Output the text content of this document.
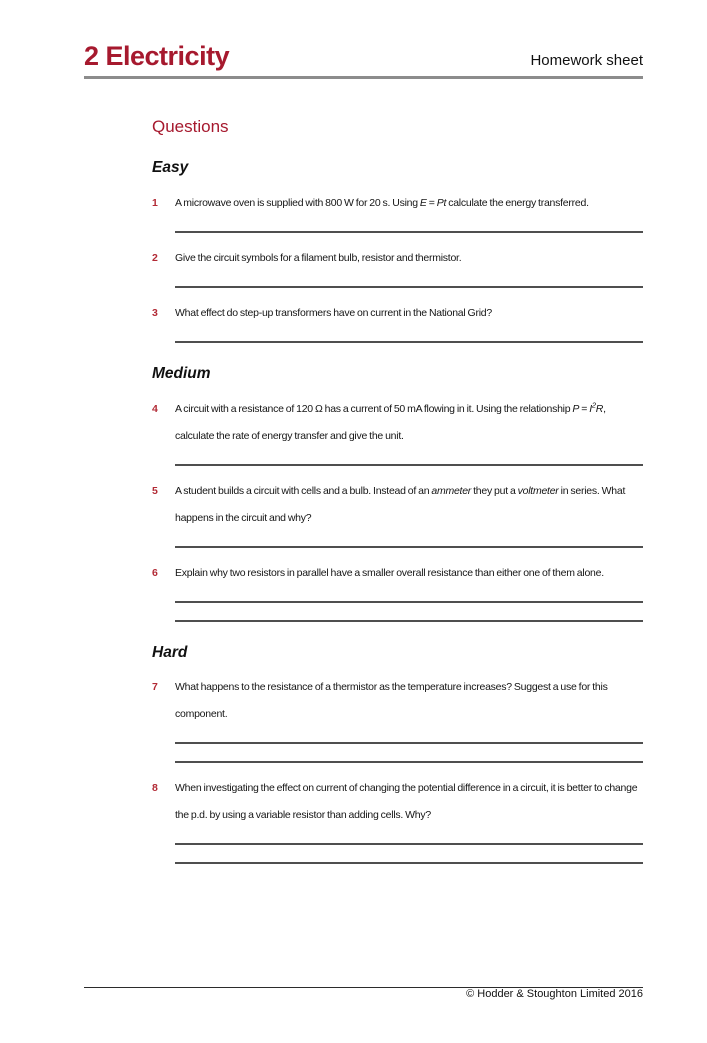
2 Electricity	Homework sheet
Questions
Easy
1	A microwave oven is supplied with 800 W for 20 s. Using E = Pt calculate the energy transferred.
2	Give the circuit symbols for a filament bulb, resistor and thermistor.
3	What effect do step-up transformers have on current in the National Grid?
Medium
4	A circuit with a resistance of 120 Ω has a current of 50 mA flowing in it. Using the relationship $P = I^2R$, calculate the rate of energy transfer and give the unit.
5	A student builds a circuit with cells and a bulb. Instead of an ammeter they put a voltmeter in series. What happens in the circuit and why?
6	Explain why two resistors in parallel have a smaller overall resistance than either one of them alone.
Hard
7	What happens to the resistance of a thermistor as the temperature increases? Suggest a use for this component.
8	When investigating the effect on current of changing the potential difference in a circuit, it is better to change the p.d. by using a variable resistor than adding cells. Why?
© Hodder & Stoughton Limited 2016
